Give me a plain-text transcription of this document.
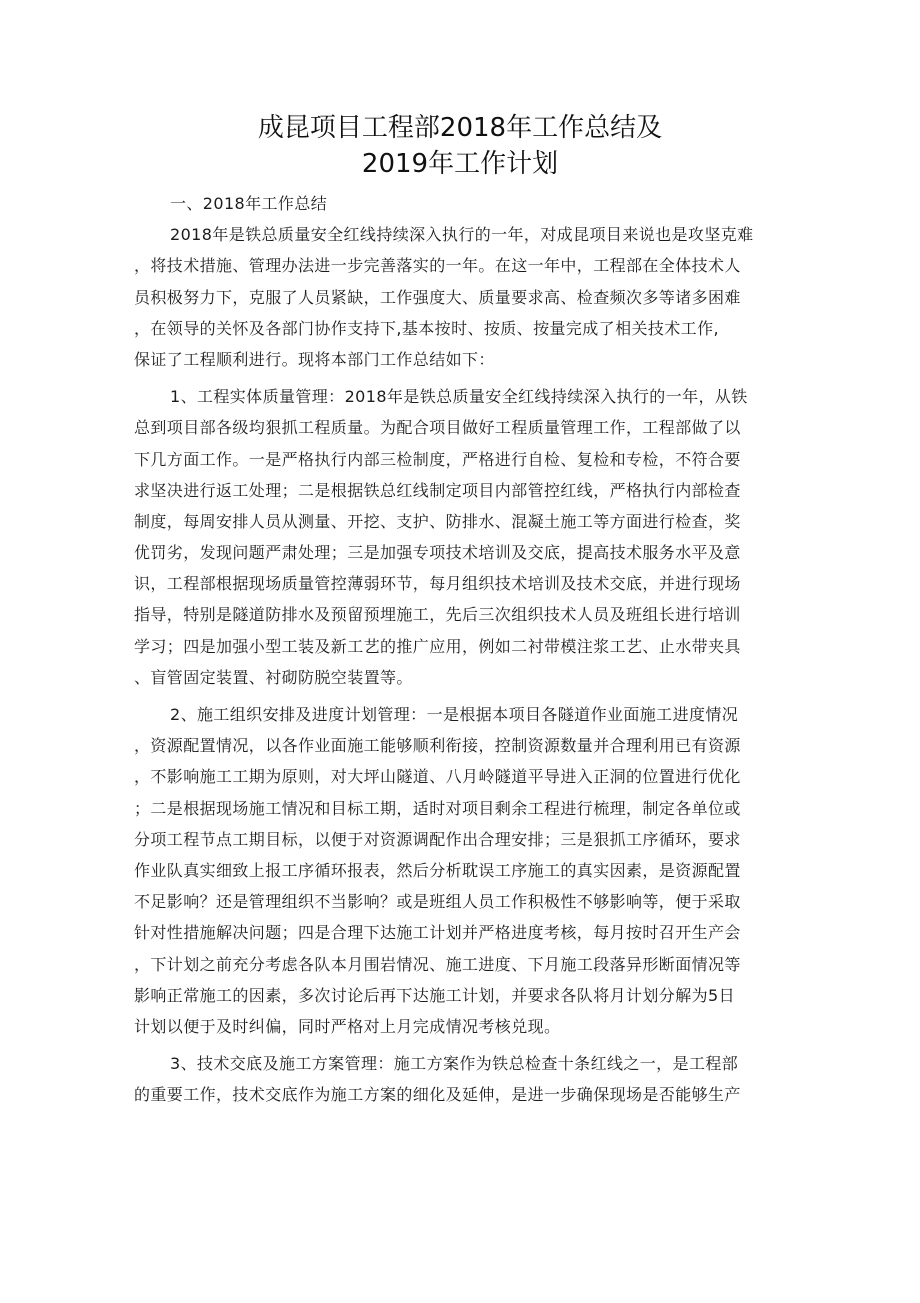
成昆项目工程部2018年工作总结及
2019年工作计划
一、2018年工作总结
2018年是铁总质量安全红线持续深入执行的一年，对成昆项目来说也是攻坚克难
，将技术措施、管理办法进一步完善落实的一年。在这一年中，工程部在全体技术人
员积极努力下，克服了人员紧缺，工作强度大、质量要求高、检查频次多等诸多困难
，在领导的关怀及各部门协作支持下,基本按时、按质、按量完成了相关技术工作,
保证了工程顺利进行。现将本部门工作总结如下：
1、工程实体质量管理：2018年是铁总质量安全红线持续深入执行的一年，从铁
总到项目部各级均狠抓工程质量。为配合项目做好工程质量管理工作，工程部做了以
下几方面工作。一是严格执行内部三检制度，严格进行自检、复检和专检，不符合要
求坚决进行返工处理；二是根据铁总红线制定项目内部管控红线，严格执行内部检查
制度，每周安排人员从测量、开挖、支护、防排水、混凝土施工等方面进行检查，奖
优罚劣，发现问题严肃处理；三是加强专项技术培训及交底，提高技术服务水平及意
识，工程部根据现场质量管控薄弱环节，每月组织技术培训及技术交底，并进行现场
指导，特别是隧道防排水及预留预埋施工，先后三次组织技术人员及班组长进行培训
学习；四是加强小型工装及新工艺的推广应用，例如二衬带模注浆工艺、止水带夹具
、盲管固定装置、衬砌防脱空装置等。
2、施工组织安排及进度计划管理：一是根据本项目各隧道作业面施工进度情况
，资源配置情况，以各作业面施工能够顺利衔接，控制资源数量并合理利用已有资源
，不影响施工工期为原则，对大坪山隧道、八月岭隧道平导进入正洞的位置进行优化
；二是根据现场施工情况和目标工期，适时对项目剩余工程进行梳理，制定各单位或
分项工程节点工期目标，以便于对资源调配作出合理安排；三是狠抓工序循环，要求
作业队真实细致上报工序循环报表，然后分析耽误工序施工的真实因素，是资源配置
不足影响？还是管理组织不当影响？或是班组人员工作积极性不够影响等，便于采取
针对性措施解决问题；四是合理下达施工计划并严格进度考核，每月按时召开生产会
，下计划之前充分考虑各队本月围岩情况、施工进度、下月施工段落异形断面情况等
影响正常施工的因素，多次讨论后再下达施工计划，并要求各队将月计划分解为5日
计划以便于及时纠偏，同时严格对上月完成情况考核兑现。
3、技术交底及施工方案管理：施工方案作为铁总检查十条红线之一，是工程部
的重要工作，技术交底作为施工方案的细化及延伸，是进一步确保现场是否能够生产
